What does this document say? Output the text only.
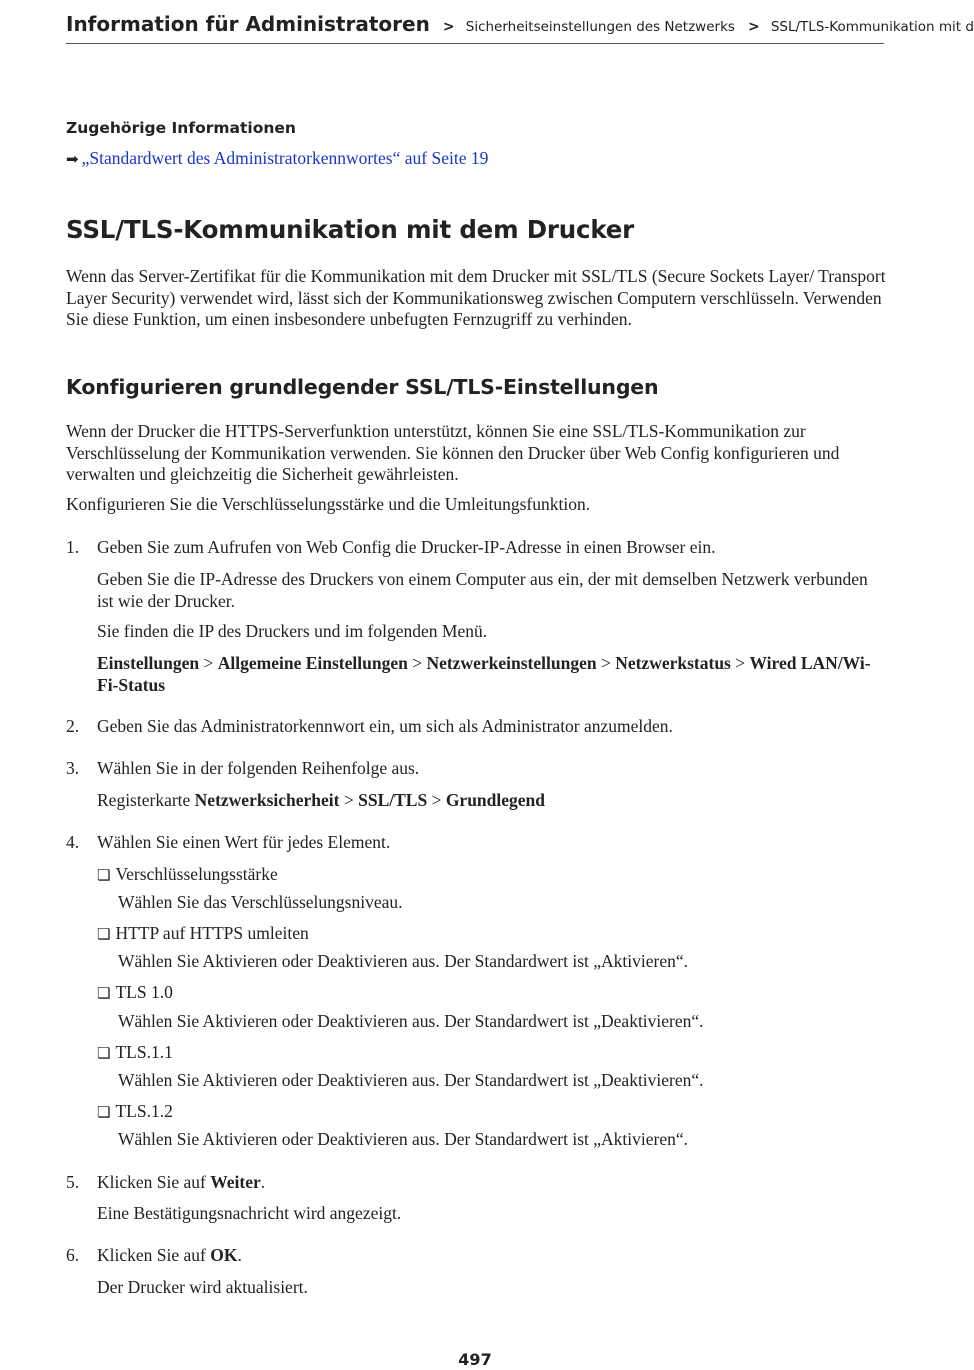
Information für Administratoren > Sicherheitseinstellungen des Netzwerks > SSL/TLS-Kommunikation mit d
Zugehörige Informationen
➡ „Standardwert des Administratorkennwortes“ auf Seite 19
SSL/TLS-Kommunikation mit dem Drucker
Wenn das Server-Zertifikat für die Kommunikation mit dem Drucker mit SSL/TLS (Secure Sockets Layer/ Transport Layer Security) verwendet wird, lässt sich der Kommunikationsweg zwischen Computern verschlüsseln. Verwenden Sie diese Funktion, um einen insbesondere unbefugten Fernzugriff zu verhinden.
Konfigurieren grundlegender SSL/TLS-Einstellungen
Wenn der Drucker die HTTPS-Serverfunktion unterstützt, können Sie eine SSL/TLS-Kommunikation zur Verschlüsselung der Kommunikation verwenden. Sie können den Drucker über Web Config konfigurieren und verwalten und gleichzeitig die Sicherheit gewährleisten.
Konfigurieren Sie die Verschlüsselungsstärke und die Umleitungsfunktion.
1. Geben Sie zum Aufrufen von Web Config die Drucker-IP-Adresse in einen Browser ein.
Geben Sie die IP-Adresse des Druckers von einem Computer aus ein, der mit demselben Netzwerk verbunden ist wie der Drucker.
Sie finden die IP des Druckers und im folgenden Menü.
Einstellungen > Allgemeine Einstellungen > Netzwerkeinstellungen > Netzwerkstatus > Wired LAN/Wi-Fi-Status
2. Geben Sie das Administratorkennwort ein, um sich als Administrator anzumelden.
3. Wählen Sie in der folgenden Reihenfolge aus.
Registerkarte Netzwerksicherheit > SSL/TLS > Grundlegend
4. Wählen Sie einen Wert für jedes Element.
❏ Verschlüsselungsstärke
Wählen Sie das Verschlüsselungsniveau.
❏ HTTP auf HTTPS umleiten
Wählen Sie Aktivieren oder Deaktivieren aus. Der Standardwert ist „Aktivieren“.
❏ TLS 1.0
Wählen Sie Aktivieren oder Deaktivieren aus. Der Standardwert ist „Deaktivieren“.
❏ TLS.1.1
Wählen Sie Aktivieren oder Deaktivieren aus. Der Standardwert ist „Deaktivieren“.
❏ TLS.1.2
Wählen Sie Aktivieren oder Deaktivieren aus. Der Standardwert ist „Aktivieren“.
5. Klicken Sie auf Weiter.
Eine Bestätigungsnachricht wird angezeigt.
6. Klicken Sie auf OK.
Der Drucker wird aktualisiert.
497
